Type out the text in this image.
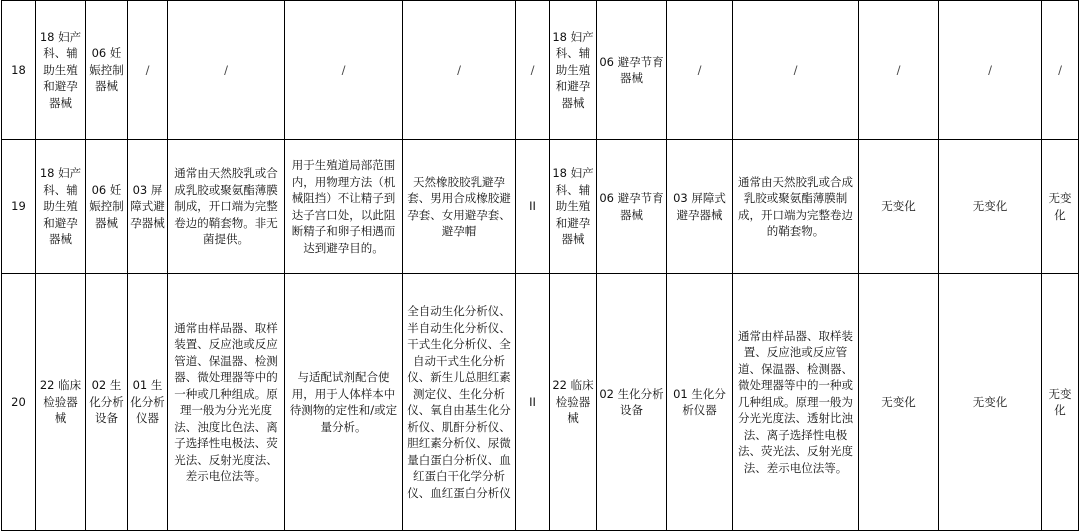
18	18 妇产科、辅助生殖和避孕器械	06 妊娠控制器械	/	/	/	/	/	18 妇产科、辅助生殖和避孕器械	06 避孕节育器械	/	/	/	/	/
19	18 妇产科、辅助生殖和避孕器械	06 妊娠控制器械	03 屏障式避孕器械	通常由天然胶乳或合成乳胶或聚氨酯薄膜制成，开口端为完整卷边的鞘套物。非无菌提供。	用于生殖道局部范围内，用物理方法（机械阻挡）不让精子到达子宫口处，以此阻断精子和卵子相遇而达到避孕目的。	天然橡胶胶乳避孕套、男用合成橡胶避孕套、女用避孕套、避孕帽	II	18 妇产科、辅助生殖和避孕器械	06 避孕节育器械	03 屏障式避孕器械	通常由天然胶乳或合成乳胶或聚氨酯薄膜制成，开口端为完整卷边的鞘套物。	无变化	无变化	无变化
20	22 临床检验器械	02 生化分析设备	01 生化分析仪器	通常由样品器、取样装置、反应池或反应管道、保温器、检测器、微处理器等中的一种或几种组成。原理一般为分光光度法、浊度比色法、离子选择性电极法、荧光法、反射光度法、差示电位法等。	与适配试剂配合使用，用于人体样本中待测物的定性和/或定量分析。	全自动生化分析仪、半自动生化分析仪、干式生化分析仪、全自动干式生化分析仪、新生儿总胆红素测定仪、生化分析仪、氧自由基生化分析仪、肌酐分析仪、胆红素分析仪、尿微量白蛋白分析仪、血红蛋白干化学分析仪、血红蛋白分析仪	II	22 临床检验器械	02 生化分析设备	01 生化分析仪器	通常由样品器、取样装置、反应池或反应管道、保温器、检测器、微处理器等中的一种或几种组成。原理一般为分光光度法、透射比浊法、离子选择性电极法、荧光法、反射光度法、差示电位法等。	无变化	无变化	无变化
